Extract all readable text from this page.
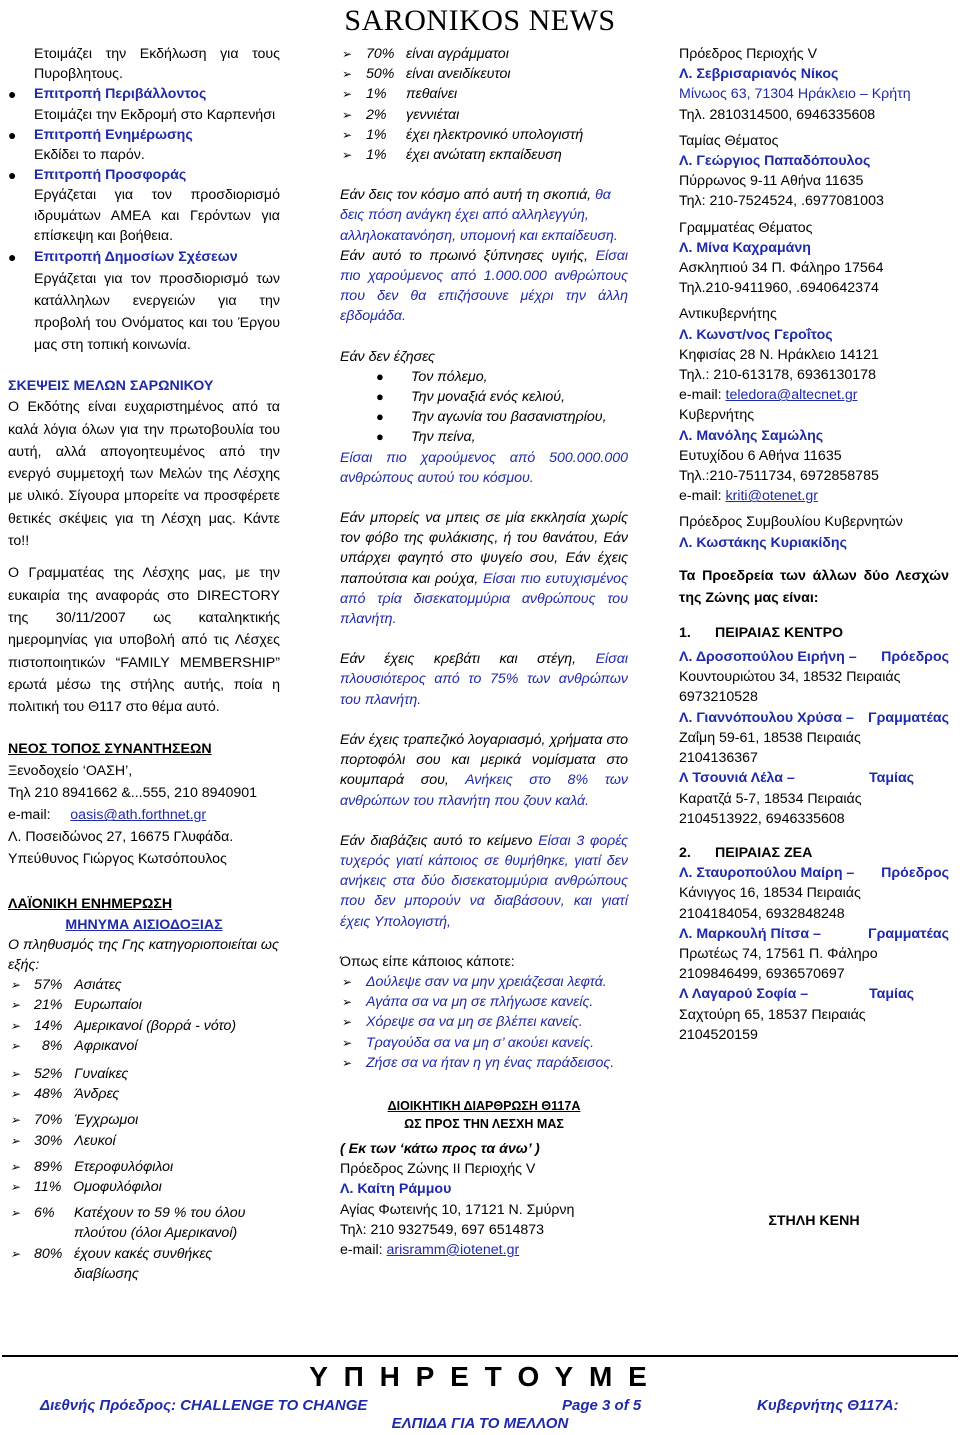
SARONIKOS NEWS

Ετοιμάζει την Εκδήλωση για τους Πυροβλητους.

● Επιτροπή Περιβάλλοντος
Ετοιμάζει την Εκδρομή στο Καρπενήσι
● Επιτροπή Ενημέρωσης
Εκδίδει το παρόν.
● Επιτροπή Προσφοράς

Εργάζεται για τον προσδιορισμό ιδρυμάτων ΑΜΕΑ και Γερόντων για επίσκεψη και βοήθεια.
● Επιτροπή Δημοσίων Σχέσεων

Εργάζεται για τον προσδιορισμό των κατάλληλων ενεργειών για την προβολή του Ονόματος και του Έργου μας στη τοπική κοινωνία.

ΣΚΕΨΕΙΣ ΜΕΛΩΝ ΣΑΡΩΝΙΚΟΥ

Ο Εκδότης είναι ευχαριστημένος από τα καλά λόγια όλων για την πρωτοβουλία του αυτή, αλλά απογοητευμένος από την ενεργό συμμετοχή των Μελών της Λέσχης με υλικό. Σίγουρα μπορείτε να προσφέρετε θετικές σκέψεις για τη Λέσχη μας. Κάντε το!!

Ο Γραμματέας της Λέσχης μας, με την ευκαιρία της αναφοράς στο DIRECTORY της 30/11/2007 ως καταληκτικής ημερομηνίας για υποβολή από τις Λέσχες πιστοποιητικών “FAMILY MEMBERSHIP” ερωτά μέσω της στήλης αυτής, ποία η πολιτική του Θ117 στο θέμα αυτό.

ΝΕΟΣ ΤΟΠΟΣ ΣΥΝΑΝΤΗΣΕΩΝ

Ξενοδοχείο ‘ΟΑΣΗ’,

Τηλ 210 8941662 &...555, 210 8940901

e-mail: oasis@ath.forthnet.gr

Λ. Ποσειδώνος 27, 16675 Γλυφάδα.

Υπεύθυνος Γιώργος Κωτσόπουλος

ΛΑΪΟΝΙΚΗ ΕΝΗΜΕΡΩΣΗ

ΜΗΝΥΜΑ ΑΙΣΙΟΔΟΞΙΑΣ

Ο πληθυσμός της Γης κατηγοριοποιείται ως εξής:

➢ 57% Ασιάτες
➢ 21% Ευρωπαίοι
➢ 14% Αμερικανοί (βορρά - νότο)
➢ 8% Αφρικανοί
➢ 52% Γυναίκες
➢ 48% Άνδρες
➢ 70% Έγχρωμοι
➢ 30% Λευκοί
➢ 89% Ετεροφυλόφιλοι
➢ 11% Ομοφυλόφιλοι
➢ 6% Κατέχουν το 59 % του όλου πλούτου (όλοι Αμερικανοί)
➢ 80% έχουν κακές συνθήκες διαβίωσης
➢ 70% είναι αγράμματοι
➢ 50% είναι ανειδίκευτοι
➢ 1% πεθαίνει
➢ 2% γεννιέται
➢ 1% έχει ηλεκτρονικό υπολογιστή
➢ 1% έχει ανώτατη εκπαίδευση

Εάν δεις τον κόσμο από αυτή τη σκοπιά, θα δεις πόση ανάγκη έχει από αλληλεγγύη, αλληλοκατανόηση, υπομονή και εκπαίδευση.

Εάν αυτό το πρωινό ξύπνησες υγιής, Είσαι πιο χαρούμενος από 1.000.000 ανθρώπους που δεν θα επιζήσουνε μέχρι την άλλη εβδομάδα.

Εάν δεν έζησες

● Τον πόλεμο,
● Την μοναξιά ενός κελιού,
● Την αγωνία του βασανιστηρίου,
● Την πείνα,

Είσαι πιο χαρούμενος από 500.000.000 ανθρώπους αυτού του κόσμου.

Εάν μπορείς να μπεις σε μία εκκλησία χωρίς τον φόβο της φυλάκισης, ή του θανάτου, Εάν υπάρχει φαγητό στο ψυγείο σου, Εάν έχεις παπούτσια και ρούχα, Είσαι πιο ευτυχισμένος από τρία δισεκατομμύρια ανθρώπους του πλανήτη.

Εάν έχεις κρεβάτι και στέγη, Είσαι πλουσιότερος από το 75% των ανθρώπων του πλανήτη.

Εάν έχεις τραπεζικό λογαριασμό, χρήματα στο πορτοφόλι σου και μερικά νομίσματα στο κουμπαρά σου, Ανήκεις στο 8% των ανθρώπων του πλανήτη που ζουν καλά.

Εάν διαβάζεις αυτό το κείμενο Είσαι 3 φορές τυχερός γιατί κάποιος σε θυμήθηκε, γιατί δεν ανήκεις στα δύο δισεκατομμύρια ανθρώπους που δεν μπορούν να διαβάσουν, και γιατί έχεις Υπολογιστή,

Όπως είπε κάποιος κάποτε:

➢ Δούλεψε σαν να μην χρειάζεσαι λεφτά.
➢ Αγάπα σα να μη σε πλήγωσε κανείς.
➢ Χόρεψε σα να μη σε βλέπει κανείς.
➢ Τραγούδα σα να μη σ’ ακούει κανείς.
➢ Ζήσε σα να ήταν η γη ένας παράδεισος.

ΔΙΟΙΚΗΤΙΚΗ ΔΙΑΡΘΡΩΣΗ Θ117Α

ΩΣ ΠΡΟΣ ΤΗΝ ΛΕΣΧΗ ΜΑΣ

( Εκ των ‘κάτω προς τα άνω’ )

Πρόεδρος Ζώνης ΙΙ Περιοχής V

Λ. Καίτη Ράμμου

Αγίας Φωτεινής 10, 17121 Ν. Σμύρνη

Τηλ: 210 9327549, 697 6514873

e-mail: arisramm@iotenet.gr

Πρόεδρος Περιοχής V

Λ. Σεβρισαριανός Νίκος

Μίνωος 63, 71304 Ηράκλειο – Κρήτη

Τηλ. 2810314500, 6946335608

Ταμίας Θέματος

Λ. Γεώργιος Παπαδόπουλος

Πύρρωνος 9-11 Αθήνα 11635

Τηλ: 210-7524524, .6977081003

Γραμματέας Θέματος

Λ. Μίνα Καχραμάνη

Ασκληπιού 34 Π. Φάληρο 17564

Τηλ.210-9411960, .6940642374

Αντικυβερνήτης

Λ. Κωνστ/νος Γεροΐτος

Κηφισίας 28 Ν. Ηράκλειο 14121

Τηλ.: 210-613178, 6936130178

e-mail: teledora@altecnet.gr

Κυβερνήτης

Λ. Μανόλης Σαμώλης

Ευτυχίδου 6 Αθήνα 11635

Τηλ.:210-7511734, 6972858785

e-mail: kriti@otenet.gr

Πρόεδρος Συμβουλίου Κυβερνητών

Λ. Κωστάκης Κυριακίδης

Τα Προεδρεία των άλλων δύο Λεσχών της Ζώνης μας είναι:

1. ΠΕΙΡΑΙΑΣ ΚΕΝΤΡΟ

Λ. Δροσοπούλου Ειρήνη – Πρόεδρος

Κουντουριώτου 34, 18532 Πειραιάς

6973210528

Λ. Γιαννόπουλου Χρύσα – Γραμματέας

Ζαΐμη 59-61, 18538 Πειραιάς

2104136367

Λ Τσουνιά Λέλα –	Ταμίας

Καρατζά 5-7, 18534 Πειραιάς

2104513922, 6946335608

2. ΠΕΙΡΑΙΑΣ ΖΕΑ

Λ. Σταυροπούλου Μαίρη – Πρόεδρος

Κάνιγγος 16, 18534 Πειραιάς

2104184054, 6932848248

Λ. Μαρκουλή Πίτσα –	Γραμματέας

Πρωτέως 74, 17561 Π. Φάληρο

2109846499, 6936570697

Λ Λαγαρού Σοφία –	Ταμίας

Σαχτούρη 65, 18537 Πειραιάς

2104520159

ΣΤΗΛΗ ΚΕΝΗ

Υ Π Η Ρ Ε Τ Ο Υ Μ Ε
Διεθνής Πρόεδρος: CHALLENGE TO CHANGE	Page 3 of 5	Κυβερνήτης Θ117Α:
ΕΛΠΙΔΑ ΓΙΑ ΤΟ ΜΕΛΛΟΝ
